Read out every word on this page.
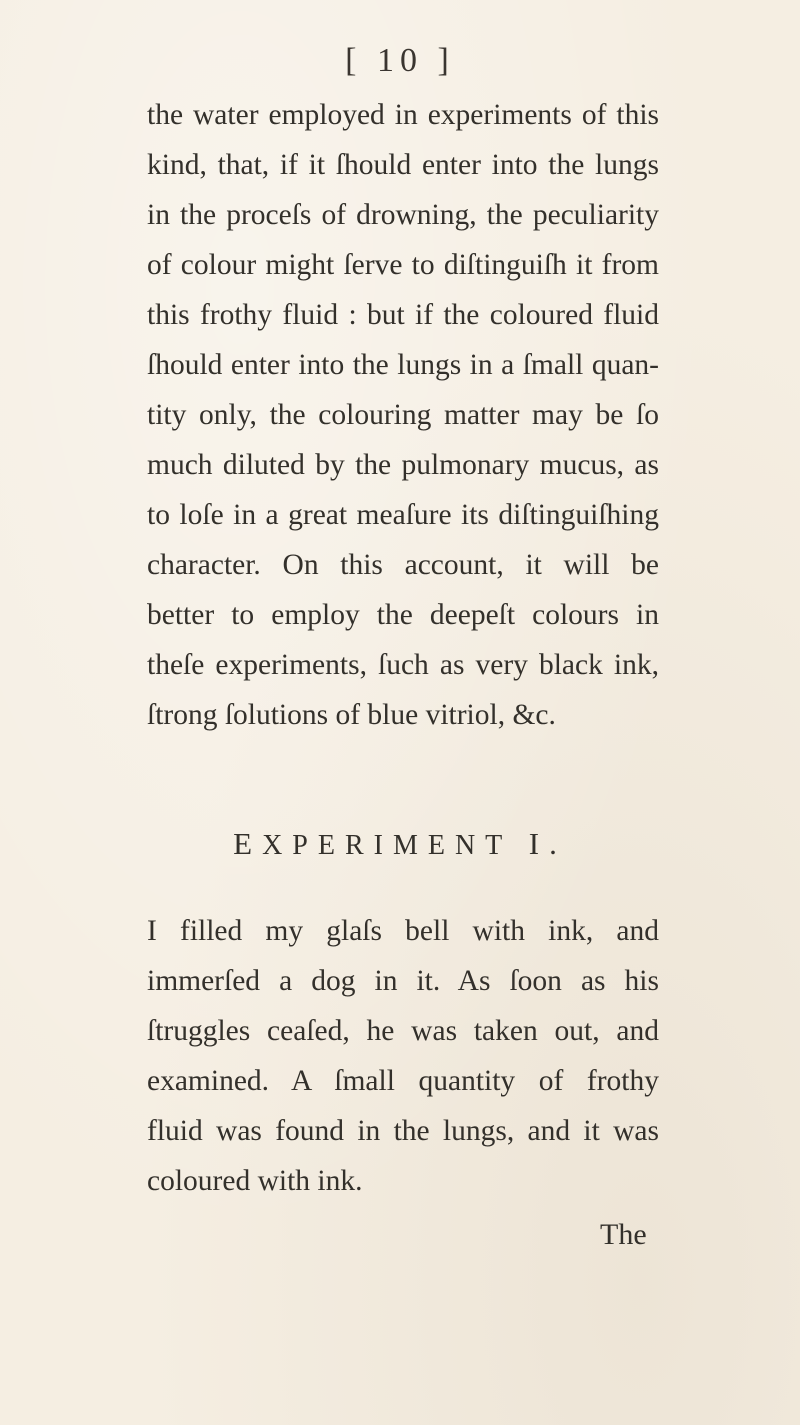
[ 10 ]
the water employed in experiments of this
kind, that, if it ſhould enter into the lungs
in the proceſs of drowning, the peculiarity
of colour might ſerve to diſtinguiſh it from
this frothy fluid : but if the coloured fluid
ſhould enter into the lungs in a ſmall quan-
tity only, the colouring matter may be ſo
much diluted by the pulmonary mucus, as
to loſe in a great meaſure its diſtinguiſhing
character. On this account, it will be
better to employ the deepeſt colours in
theſe experiments, ſuch as very black ink,
ſtrong ſolutions of blue vitriol, &c.
EXPERIMENT I.
I filled my glaſs bell with ink, and
immerſed a dog in it. As ſoon as his
ſtruggles ceaſed, he was taken out, and
examined. A ſmall quantity of frothy
fluid was found in the lungs, and it was
coloured with ink.
The
